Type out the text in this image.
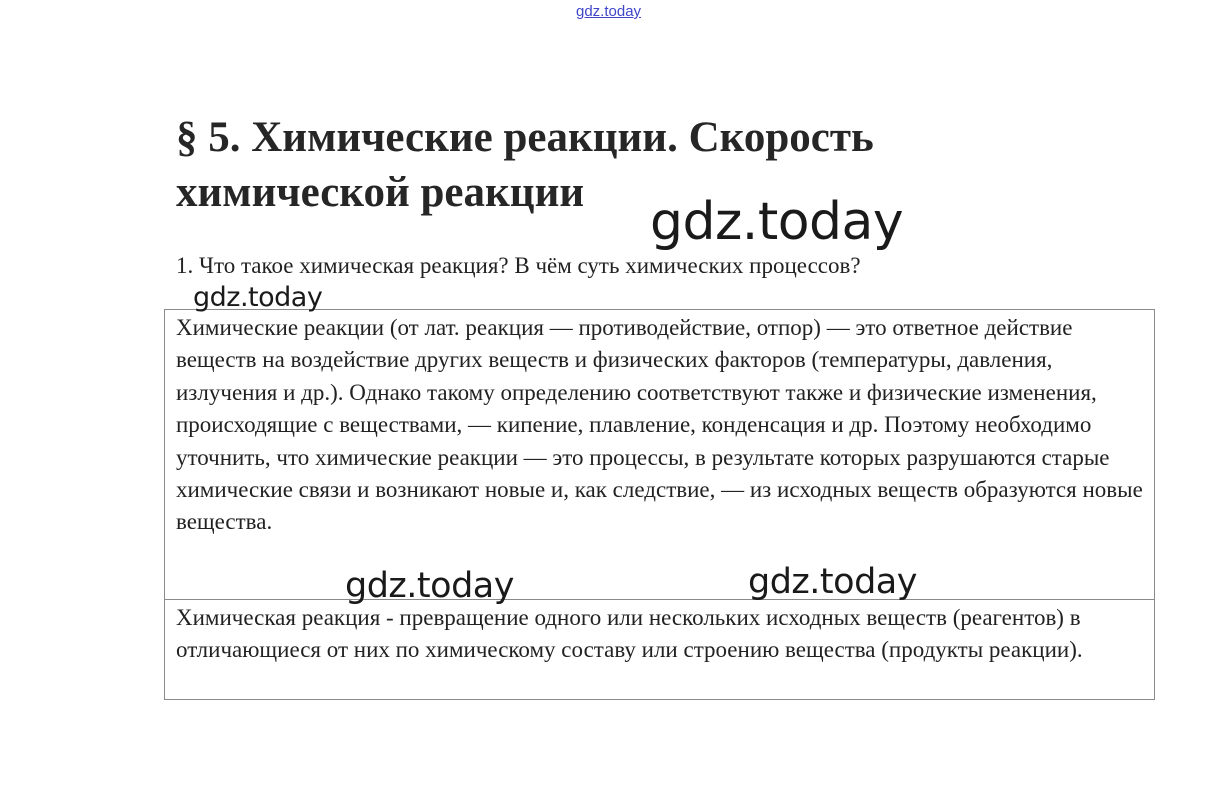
gdz.today
§ 5. Химические реакции. Скорость химической реакции

1. Что такое химическая реакция? В чём суть химических процессов?

Химические реакции (от лат. реакция — противодействие, отпор) — это ответное действие веществ на воздействие других веществ и физических факторов (температуры, давления, излучения и др.). Однако такому определению соответствуют также и физические изменения, происходящие с веществами, — кипение, плавление, конденсация и др. Поэтому необходимо уточнить, что химические реакции — это процессы, в результате которых разрушаются старые химические связи и возникают новые и, как следствие, — из исходных веществ образуются новые вещества.
Химическая реакция - превращение одного или нескольких исходных веществ (реагентов) в отличающиеся от них по химическому составу или строению вещества (продукты реакции).
gdz.today
gdz.today
gdz.today	gdz.today
